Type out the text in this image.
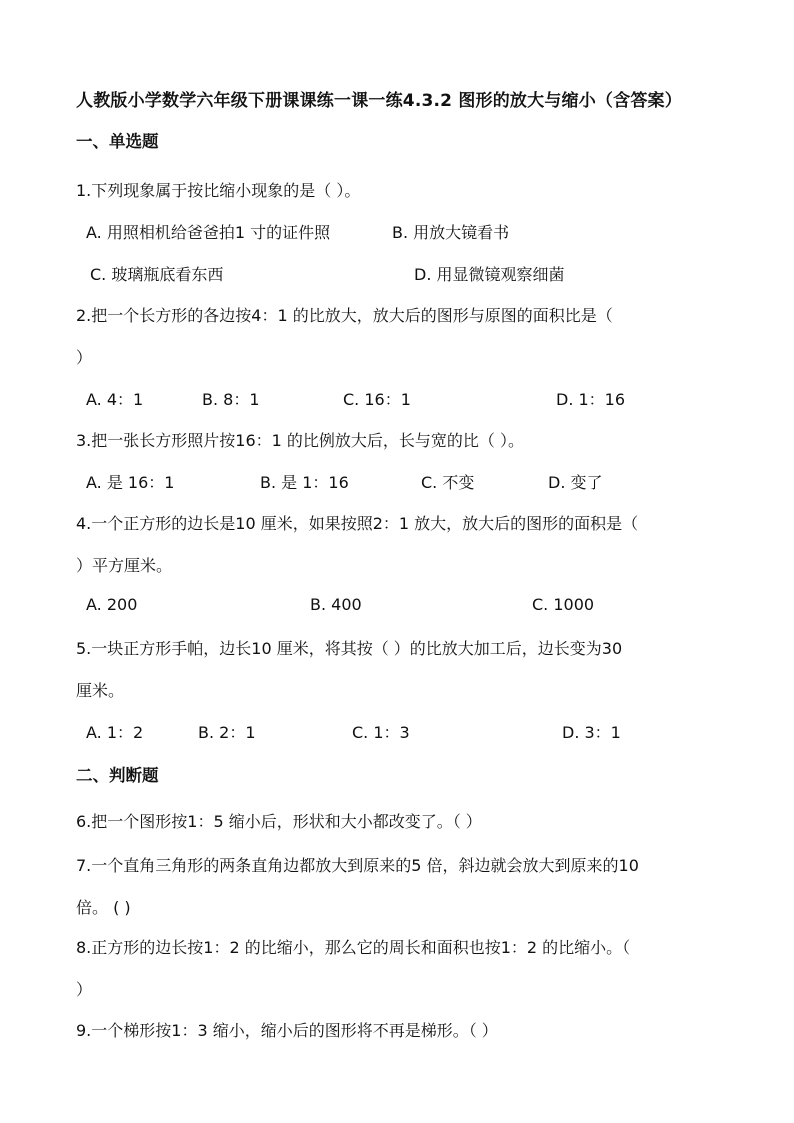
人教版小学数学六年级下册课课练一课一练4.3.2 图形的放大与缩小（含答案）
一、单选题
1.下列现象属于按比缩小现象的是（ ）。
A. 用照相机给爸爸拍1 寸的证件照	B. 用放大镜看书
C. 玻璃瓶底看东西	D. 用显微镜观察细菌
2.把一个长方形的各边按4：1 的比放大，放大后的图形与原图的面积比是（
）
A. 4：1	B. 8：1	C. 16：1	D. 1：16
3.把一张长方形照片按16：1 的比例放大后，长与宽的比（ ）。
A. 是 16：1	B. 是 1：16	C. 不变	D. 变了
4.一个正方形的边长是10 厘米，如果按照2：1 放大，放大后的图形的面积是（
）平方厘米。
A. 200	B. 400	C. 1000
5.一块正方形手帕，边长10 厘米，将其按（ ）的比放大加工后，边长变为30
厘米。
A. 1：2	B. 2：1	C. 1：3	D. 3：1
二、判断题
6.把一个图形按1：5 缩小后，形状和大小都改变了。（ ）
7.一个直角三角形的两条直角边都放大到原来的5 倍，斜边就会放大到原来的10
倍。 ( )
8.正方形的边长按1：2 的比缩小，那么它的周长和面积也按1：2 的比缩小。（
）
9.一个梯形按1：3 缩小，缩小后的图形将不再是梯形。（ ）
